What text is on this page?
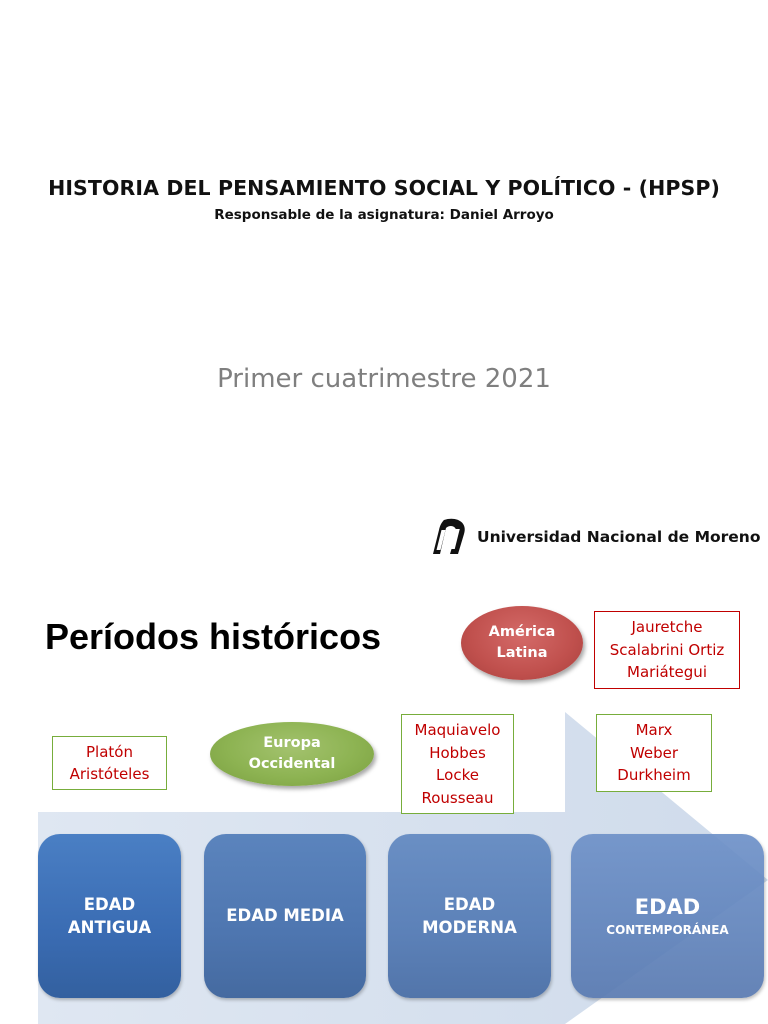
HISTORIA DEL PENSAMIENTO SOCIAL Y POLÍTICO - (HPSP)
Responsable de la asignatura: Daniel Arroyo
Primer cuatrimestre 2021
Universidad Nacional de Moreno
Períodos históricos	América
Latina
Jauretche
Scalabrini Ortiz
Mariátegui
Platón
Aristóteles
Europa
Occidental
Maquiavelo
Hobbes
Locke
Rousseau
Marx
Weber
Durkheim
EDAD
ANTIGUA
EDAD MEDIA
EDAD
MODERNA
EDAD
CONTEMPORÁNEA
